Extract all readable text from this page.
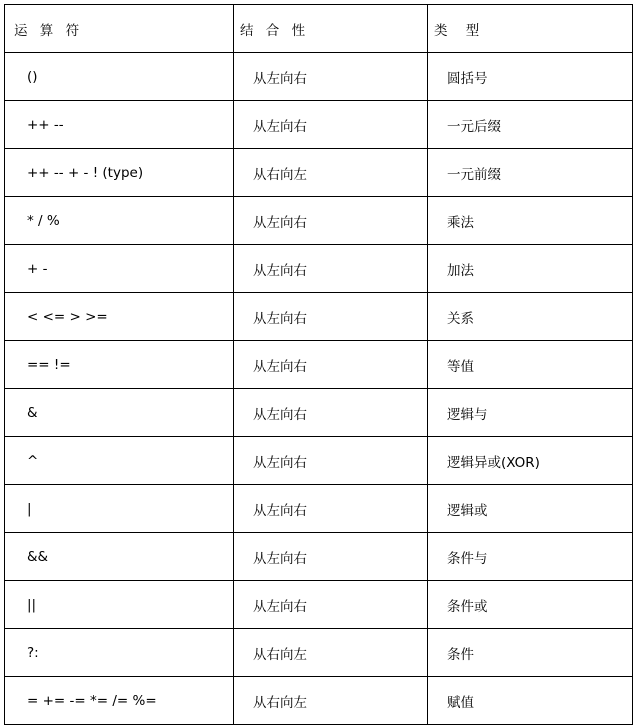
运 算 符	结 合 性	类 型
()	从左向右	圆括号
++ --	从左向右	一元后缀
++ -- + - ! (type)	从右向左	一元前缀
* / %	从左向右	乘法
+ -	从左向右	加法
< <= > >=	从左向右	关系
== !=	从左向右	等值
&	从左向右	逻辑与
^	从左向右	逻辑异或(XOR)
|	从左向右	逻辑或
&&	从左向右	条件与
||	从左向右	条件或
?:	从右向左	条件
= += -= *= /= %=	从右向左	赋值
